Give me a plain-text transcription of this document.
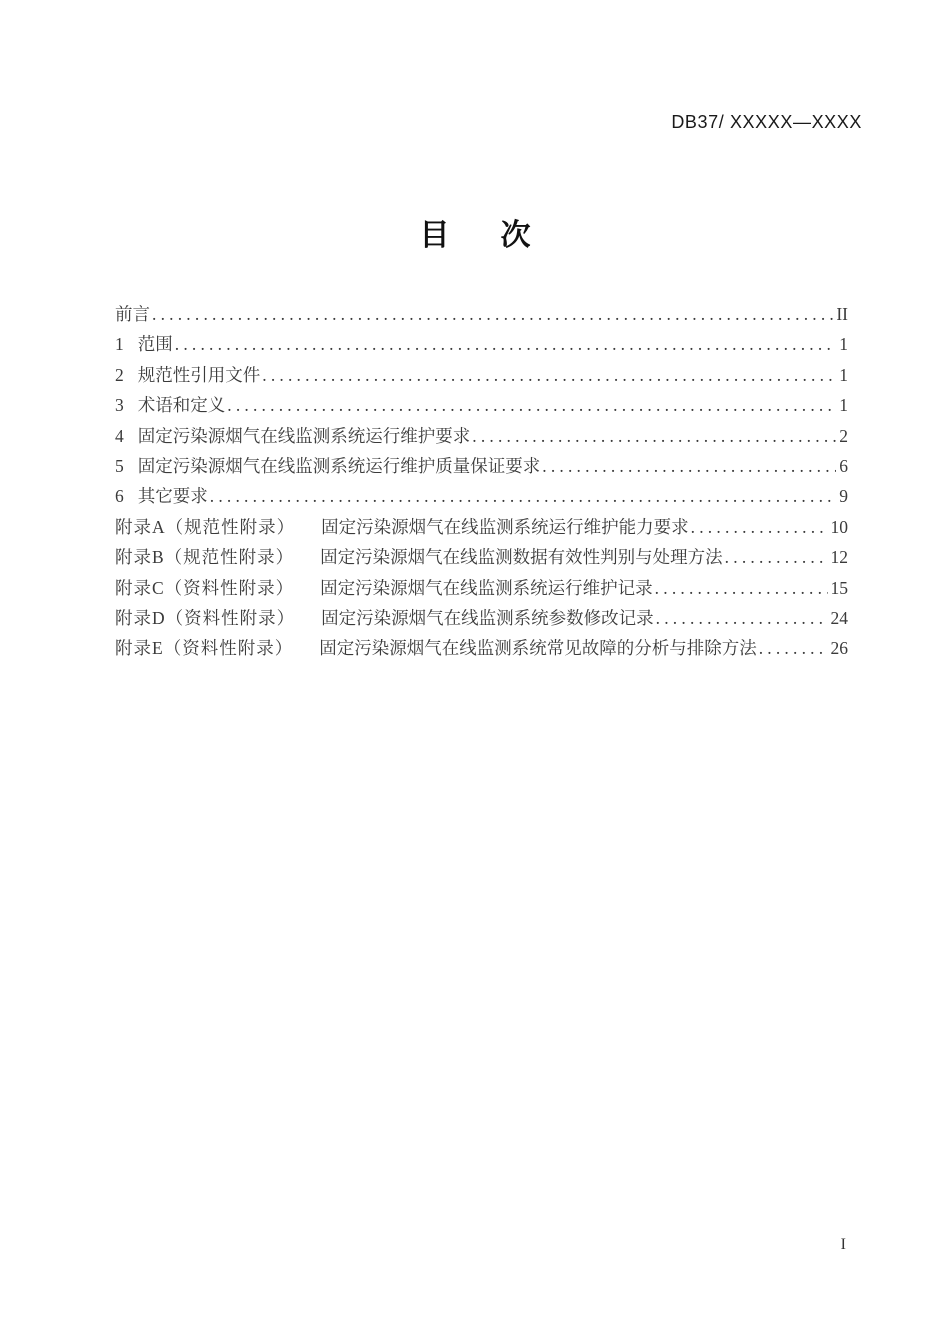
DB37/ XXXXX—XXXX
目　次
前言 .....	II
1 范围 .....	1
2 规范性引用文件 .....	1
3 术语和定义 .....	1
4 固定污染源烟气在线监测系统运行维护要求 .....	2
5 固定污染源烟气在线监测系统运行维护质量保证要求 .....	6
6 其它要求 .....	9
附录A（规范性附录） 固定污染源烟气在线监测系统运行维护能力要求 .....	10
附录B（规范性附录） 固定污染源烟气在线监测数据有效性判别与处理方法 .....	12
附录C（资料性附录） 固定污染源烟气在线监测系统运行维护记录 .....	15
附录D（资料性附录） 固定污染源烟气在线监测系统参数修改记录 .....	24
附录E（资料性附录） 固定污染源烟气在线监测系统常见故障的分析与排除方法 .....	26
I
